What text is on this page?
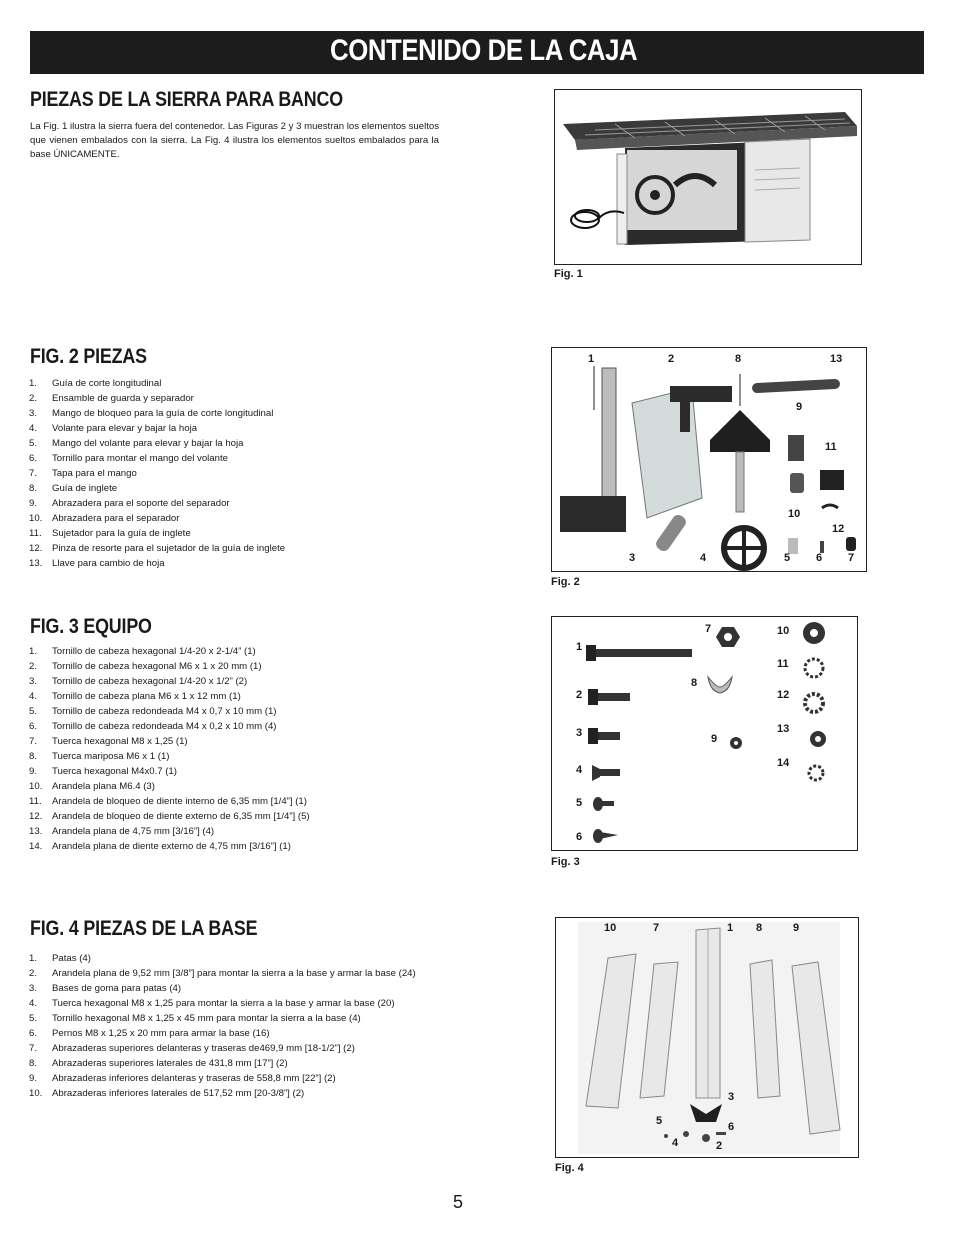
CONTENIDO DE LA CAJA
PIEZAS DE LA SIERRA PARA BANCO
La Fig. 1 ilustra la sierra fuera del contenedor. Las Figuras 2 y 3 muestran los elementos sueltos que vienen embalados con la sierra. La Fig. 4 ilustra los elementos sueltos embalados para la base ÚNICAMENTE.
Fig. 1
FIG. 2 PIEZAS
1.	Guía de corte longitudinal
2.	Ensamble de guarda y separador
3.	Mango de bloqueo para la guía de corte longitudinal
4.	Volante para elevar y bajar la hoja
5.	Mango del volante para elevar y bajar la hoja
6.	Tornillo para montar el mango del volante
7.	Tapa para el mango
8.	Guía de inglete
9.	Abrazadera para el soporte del separador
10.	Abrazadera para el separador
11.	Sujetador para la guía de inglete
12.	Pinza de resorte para el sujetador de la guía de inglete
13.	Llave para cambio de hoja
1	2	8	13
9
11
10
12
3	4	5 6 7
Fig. 2
FIG. 3 EQUIPO
1.	Tornillo de cabeza hexagonal 1/4-20 x 2-1/4” (1)
2.	Tornillo de cabeza hexagonal M6 x 1 x 20 mm (1)
3.	Tornillo de cabeza hexagonal 1/4-20 x 1/2” (2)
4.	Tornillo de cabeza plana M6 x 1 x 12 mm (1)
5.	Tornillo de cabeza redondeada M4 x 0,7 x 10 mm (1)
6.	Tornillo de cabeza redondeada M4 x 0,2 x 10 mm (4)
7.	Tuerca hexagonal M8 x 1,25 (1)
8.	Tuerca mariposa M6 x 1 (1)
9.	Tuerca hexagonal M4x0.7 (1)
10.	Arandela plana M6.4 (3)
11.	Arandela de bloqueo de diente interno de 6,35 mm [1/4”] (1)
12.	Arandela de bloqueo de diente externo de 6,35 mm [1/4”] (5)
13.	Arandela plana de 4,75 mm [3/16”] (4)
14.	Arandela plana de diente externo de 4,75 mm [3/16”] (1)
1
2
3
4
5
6
7
8
9
10
11
12
13
14
Fig. 3
FIG. 4 PIEZAS DE LA BASE
1.	Patas (4)
2.	Arandela plana de 9,52 mm [3/8”] para montar la sierra a la base y armar la base (24)
3.	Bases de goma para patas (4)
4.	Tuerca hexagonal M8 x 1,25 para montar la sierra a la base y armar la base (20)
5.	Tornillo hexagonal M8 x 1,25 x 45 mm para montar la sierra a la base (4)
6.	Pernos M8 x 1,25 x 20 mm para armar la base (16)
7.	Abrazaderas superiores delanteras y traseras de469,9 mm [18-1/2”] (2)
8.	Abrazaderas superiores laterales de 431,8 mm [17”] (2)
9.	Abrazaderas inferiores delanteras y traseras de 558,8 mm [22”] (2)
10.	Abrazaderas inferiores laterales de 517,52 mm [20-3/8”] (2)
10	7	1 8	9
3
5	6
4	2
Fig. 4
5
